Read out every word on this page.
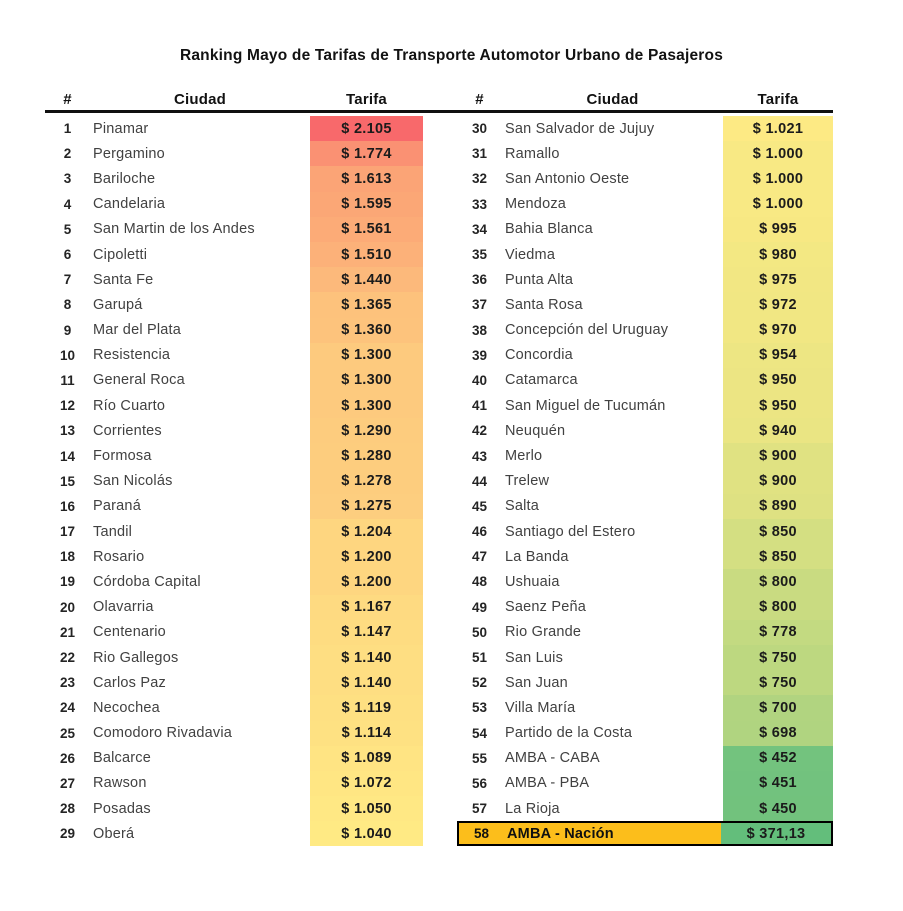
Ranking Mayo de Tarifas de Transporte Automotor Urbano de Pasajeros
#	Ciudad	Tarifa
1	Pinamar	$ 2.105
2	Pergamino	$ 1.774
3	Bariloche	$ 1.613
4	Candelaria	$ 1.595
5	San Martin de los Andes	$ 1.561
6	Cipoletti	$ 1.510
7	Santa Fe	$ 1.440
8	Garupá	$ 1.365
9	Mar del Plata	$ 1.360
10	Resistencia	$ 1.300
11	General Roca	$ 1.300
12	Río Cuarto	$ 1.300
13	Corrientes	$ 1.290
14	Formosa	$ 1.280
15	San Nicolás	$ 1.278
16	Paraná	$ 1.275
17	Tandil	$ 1.204
18	Rosario	$ 1.200
19	Córdoba Capital	$ 1.200
20	Olavarria	$ 1.167
21	Centenario	$ 1.147
22	Rio Gallegos	$ 1.140
23	Carlos Paz	$ 1.140
24	Necochea	$ 1.119
25	Comodoro Rivadavia	$ 1.114
26	Balcarce	$ 1.089
27	Rawson	$ 1.072
28	Posadas	$ 1.050
29	Oberá	$ 1.040
#	Ciudad	Tarifa
30	San Salvador de Jujuy	$ 1.021
31	Ramallo	$ 1.000
32	San Antonio Oeste	$ 1.000
33	Mendoza	$ 1.000
34	Bahia Blanca	$ 995
35	Viedma	$ 980
36	Punta Alta	$ 975
37	Santa Rosa	$ 972
38	Concepción del Uruguay	$ 970
39	Concordia	$ 954
40	Catamarca	$ 950
41	San Miguel de Tucumán	$ 950
42	Neuquén	$ 940
43	Merlo	$ 900
44	Trelew	$ 900
45	Salta	$ 890
46	Santiago del Estero	$ 850
47	La Banda	$ 850
48	Ushuaia	$ 800
49	Saenz Peña	$ 800
50	Rio Grande	$ 778
51	San Luis	$ 750
52	San Juan	$ 750
53	Villa María	$ 700
54	Partido de la Costa	$ 698
55	AMBA - CABA	$ 452
56	AMBA - PBA	$ 451
57	La Rioja	$ 450
58	AMBA - Nación	$ 371,13
